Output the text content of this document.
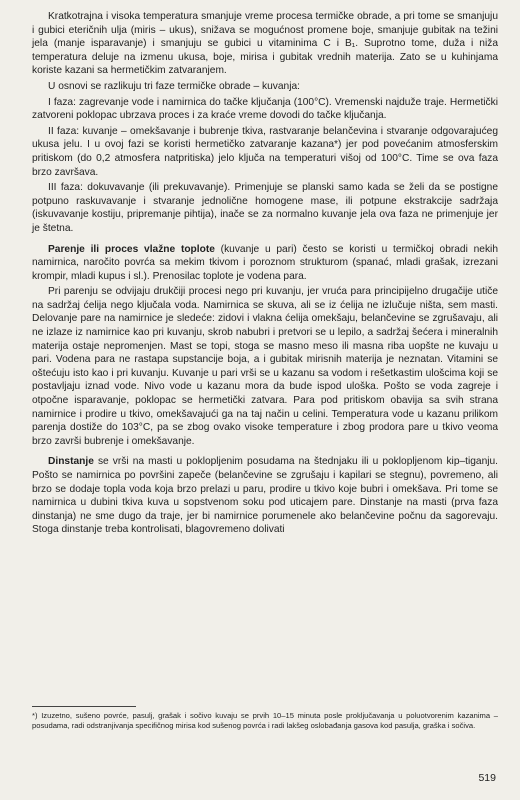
Kratkotrajna i visoka temperatura smanjuje vreme procesa termičke obrade, a pri tome se smanjuju i gubici eteričnih ulja (miris – ukus), snižava se mogućnost promene boje, smanjuje gubitak na težini jela (manje isparavanje) i smanjuju se gubici u vitaminima C i B₁. Suprotno tome, duža i niža temperatura deluje na izmenu ukusa, boje, mirisa i gubitak vrednih materija. Zato se u kuhinjama koriste kazani sa hermetičkim zatvaranjem.

U osnovi se razlikuju tri faze termičke obrade – kuvanja:

I faza: zagrevanje vode i namirnica do tačke ključanja (100°C). Vremenski najduže traje. Hermetički zatvoreni poklopac ubrzava proces i za kraće vreme dovodi do tačke ključanja.

II faza: kuvanje – omekšavanje i bubrenje tkiva, rastvaranje belančevina i stvaranje odgovarajućeg ukusa jelu. I u ovoj fazi se koristi hermetičko zatvaranje kazana*) jer pod povećanim atmosferskim pritiskom (do 0,2 atmosfera natpritiska) jelo ključa na temperaturi višoj od 100°C. Time se ova faza brzo završava.

III faza: dokuvavanje (ili prekuvavanje). Primenjuje se planski samo kada se želi da se postigne potpuno raskuvavanje i stvaranje jednolične homogene mase, ili potpune ekstrakcije sadržaja (iskuvavanje kostiju, pripremanje pihtija), inače se za normalno kuvanje jela ova faza ne primenjuje jer je štetna.

Parenje ili proces vlažne toplote (kuvanje u pari) često se koristi u termičkoj obradi nekih namirnica, naročito povrća sa mekim tkivom i poroznom strukturom (spanać, mladi grašak, izrezani krompir, mladi kupus i sl.). Prenosilac toplote je vodena para.

Pri parenju se odvijaju drukčiji procesi nego pri kuvanju, jer vruća para principijelno drugačije utiče na sadržaj ćelija nego ključala voda. Namirnica se skuva, ali se iz ćelija ne izlučuje ništa, sem masti. Delovanje pare na namirnice je sledeće: zidovi i vlakna ćelija omekšaju, belančevine se zgrušavaju, ali ne izlaze iz namirnice kao pri kuvanju, skrob nabubri i pretvori se u lepilo, a sadržaj šećera i mineralnih materija ostaje nepromenjen. Mast se topi, stoga se masno meso ili masna riba uopšte ne kuvaju u pari. Vodena para ne rastapa supstancije boja, a i gubitak mirisnih materija je neznatan. Vitamini se oštećuju isto kao i pri kuvanju. Kuvanje u pari vrši se u kazanu sa vodom i rešetkastim ulošcima koji se postavljaju iznad vode. Nivo vode u kazanu mora da bude ispod uloška. Pošto se voda zagreje i otpočne isparavanje, poklopac se hermetički zatvara. Para pod pritiskom obavija sa svih strana namirnice i prodire u tkivo, omekšavajući ga na taj način u celini. Temperatura vode u kazanu prilikom parenja dostiže do 103°C, pa se zbog ovako visoke temperature i zbog prodora pare u tkivo veoma brzo završi bubrenje i omekšavanje.

Dinstanje se vrši na masti u poklopljenim posudama na štednjaku ili u poklopljenom kip–tiganju. Pošto se namirnica po površini zapeče (belančevine se zgrušaju i kapilari se stegnu), povremeno, ali brzo se dodaje topla voda koja brzo prelazi u paru, prodire u tkivo koje bubri i omekšava. Pri tome se namirnica u dubini tkiva kuva u sopstvenom soku pod uticajem pare. Dinstanje na masti (prva faza dinstanja) ne sme dugo da traje, jer bi namirnice porumenele ako belančevine počnu da sagorevaju. Stoga dinstanje treba kontrolisati, blagovremeno dolivati

*) Izuzetno, sušeno povrće, pasulj, grašak i sočivo kuvaju se prvih 10–15 minuta posle proključavanja u poluotvorenim kazanima – posudama, radi odstranjivanja specifičnog mirisa kod sušenog povrća i radi lakšeg oslobađanja gasova kod pasulja, graška i sočiva.

519
